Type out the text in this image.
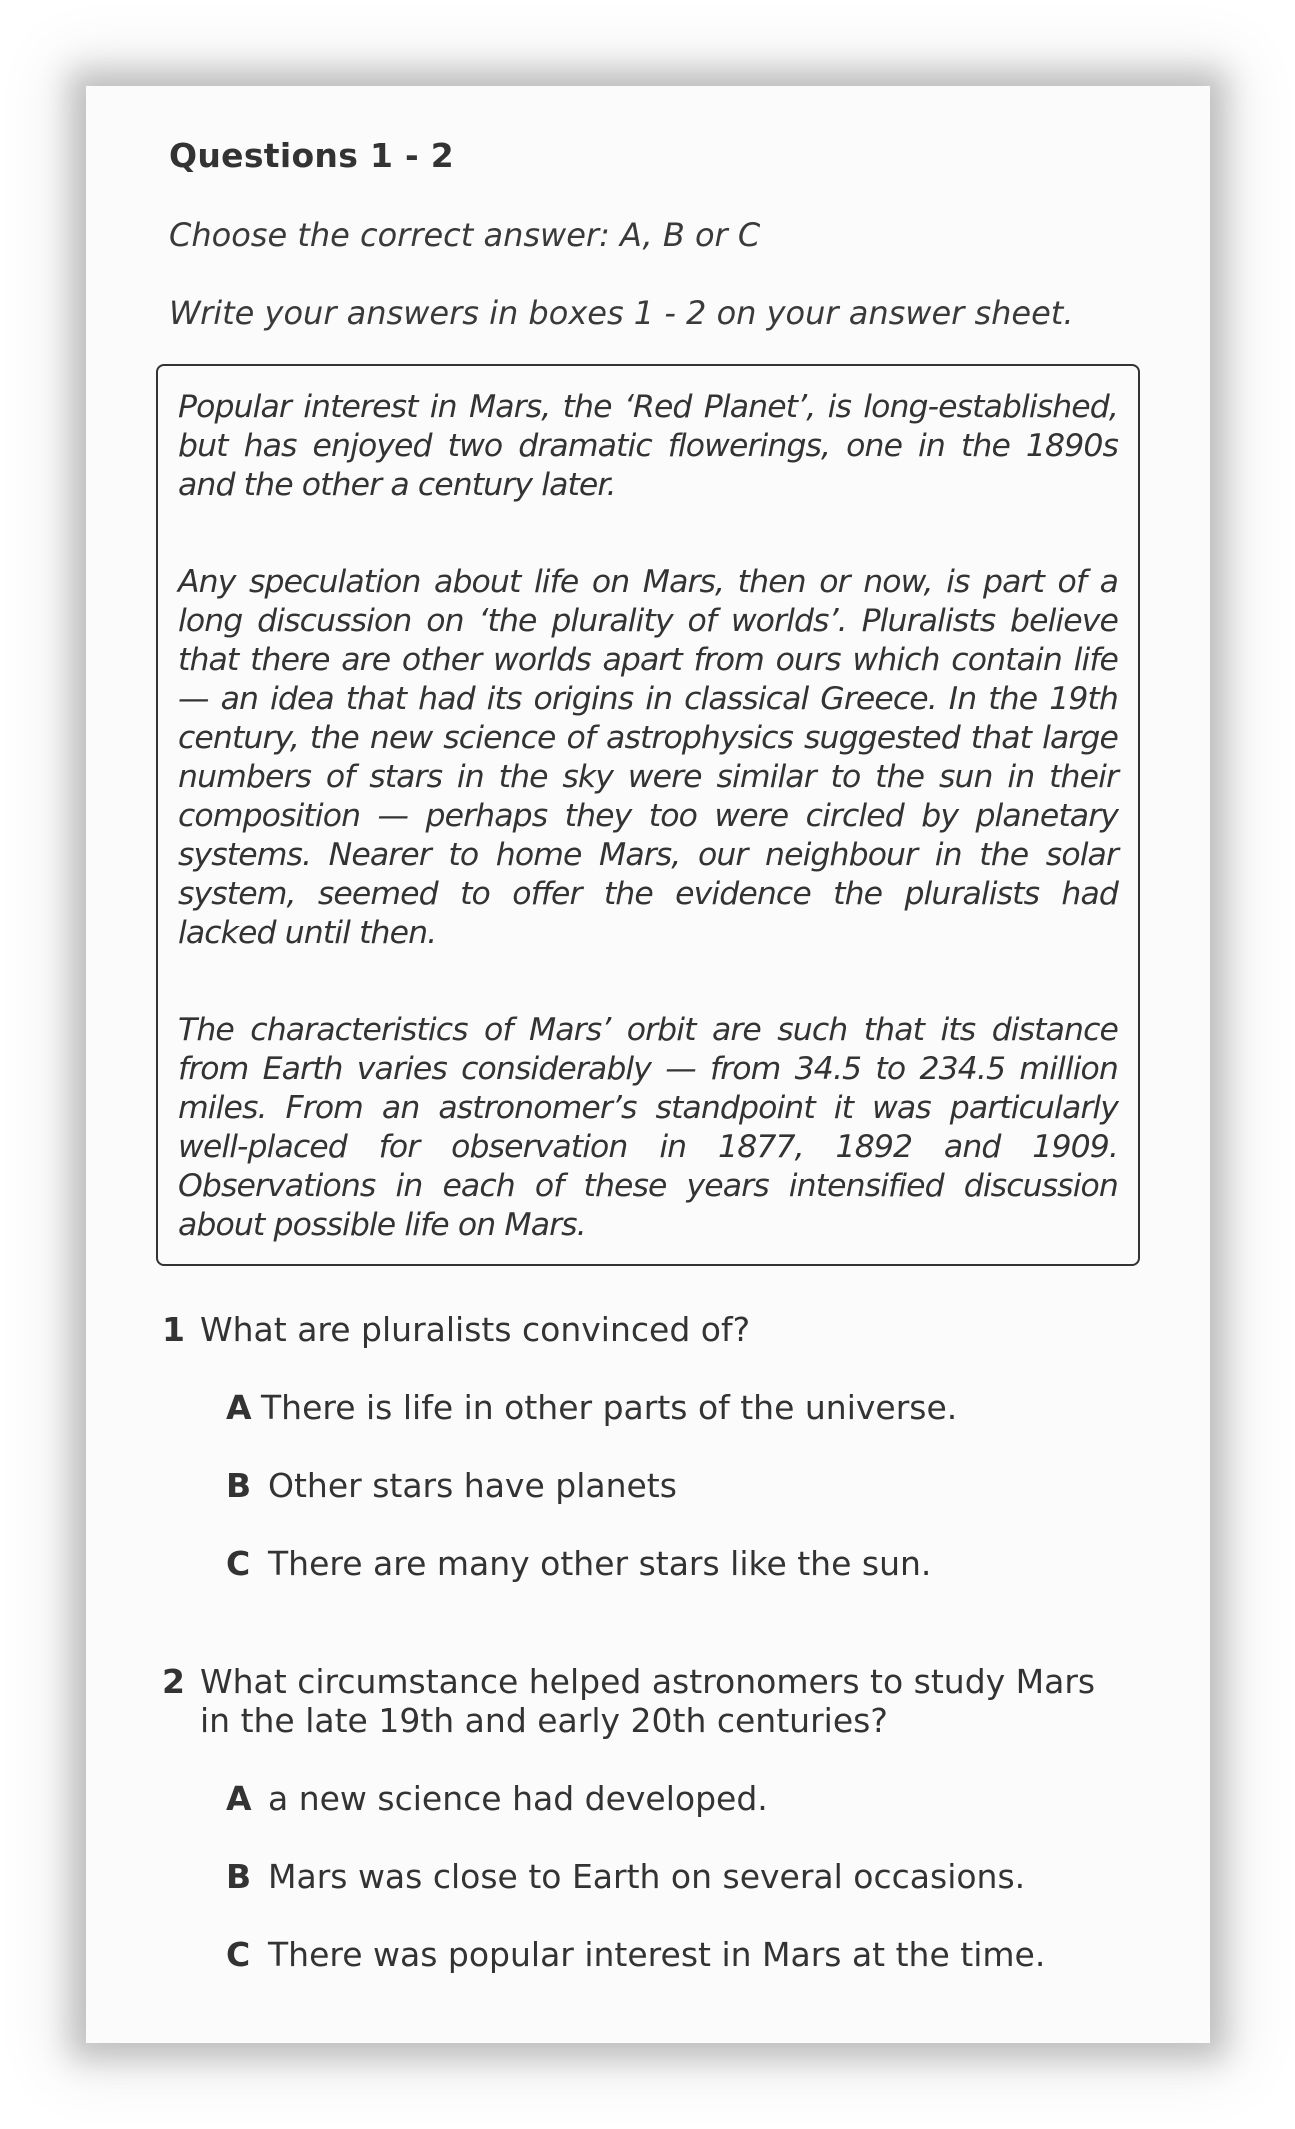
Questions 1 - 2
Choose the correct answer: A, B or C
Write your answers in boxes 1 - 2 on your answer sheet.

Popular interest in Mars, the ‘Red Planet’, is long-established, but has enjoyed two dramatic flowerings, one in the 1890s and the other a century later.

Any speculation about life on Mars, then or now, is part of a long discussion on ‘the plurality of worlds’. Pluralists believe that there are other worlds apart from ours which contain life — an idea that had its origins in classical Greece. In the 19th century, the new science of astrophysics suggested that large numbers of stars in the sky were similar to the sun in their composition — perhaps they too were circled by planetary systems. Nearer to home Mars, our neighbour in the solar system, seemed to offer the evidence the pluralists had lacked until then.

The characteristics of Mars’ orbit are such that its distance from Earth varies considerably — from 34.5 to 234.5 million miles. From an astronomer’s standpoint it was particularly well-placed for observation in 1877, 1892 and 1909. Observations in each of these years intensified discussion about possible life on Mars.

1 What are pluralists convinced of?
A There is life in other parts of the universe.
B Other stars have planets
C There are many other stars like the sun.
2 What circumstance helped astronomers to study Mars in the late 19th and early 20th centuries?
A a new science had developed.
B Mars was close to Earth on several occasions.
C There was popular interest in Mars at the time.
